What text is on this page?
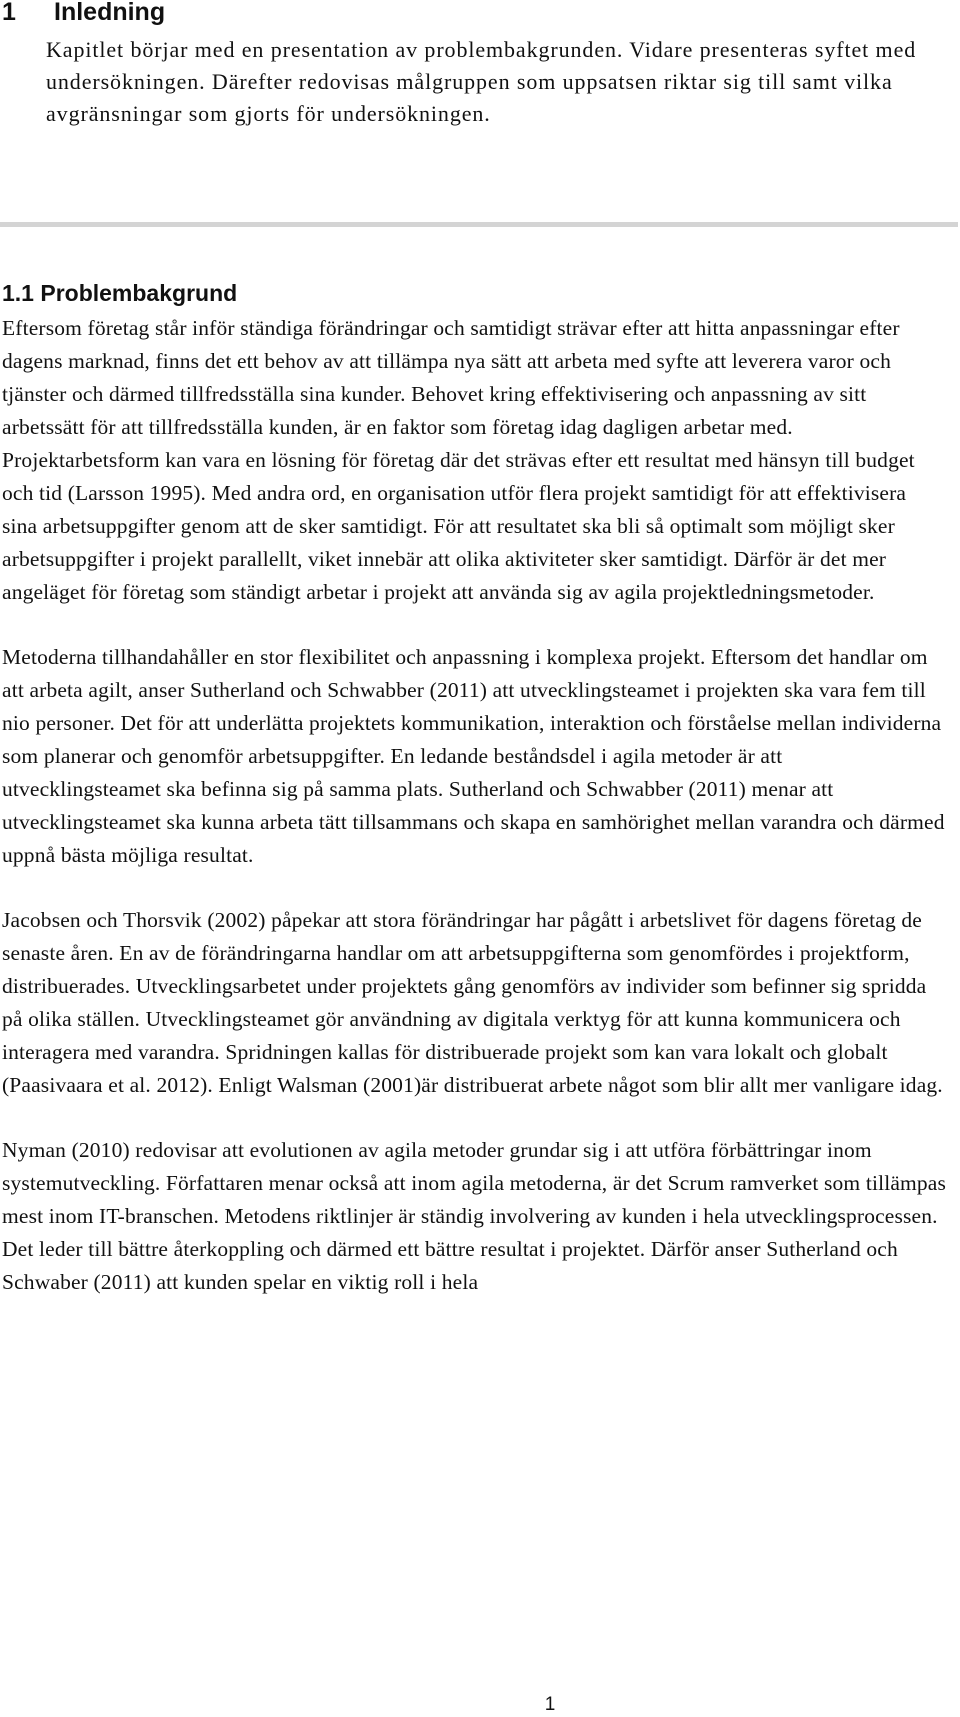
1 Inledning

Kapitlet börjar med en presentation av problembakgrunden. Vidare presenteras syftet med undersökningen. Därefter redovisas målgruppen som uppsatsen riktar sig till samt vilka avgränsningar som gjorts för undersökningen.

1.1 Problembakgrund

Eftersom företag står inför ständiga förändringar och samtidigt strävar efter att hitta anpassningar efter dagens marknad, finns det ett behov av att tillämpa nya sätt att arbeta med syfte att leverera varor och tjänster och därmed tillfredsställa sina kunder. Behovet kring effektivisering och anpassning av sitt arbetssätt för att tillfredsställa kunden, är en faktor som företag idag dagligen arbetar med. Projektarbetsform kan vara en lösning för företag där det strävas efter ett resultat med hänsyn till budget och tid (Larsson 1995). Med andra ord, en organisation utför flera projekt samtidigt för att effektivisera sina arbetsuppgifter genom att de sker samtidigt. För att resultatet ska bli så optimalt som möjligt sker arbetsuppgifter i projekt parallellt, viket innebär att olika aktiviteter sker samtidigt. Därför är det mer angeläget för företag som ständigt arbetar i projekt att använda sig av agila projektledningsmetoder.

Metoderna tillhandahåller en stor flexibilitet och anpassning i komplexa projekt. Eftersom det handlar om att arbeta agilt, anser Sutherland och Schwabber (2011) att utvecklingsteamet i projekten ska vara fem till nio personer. Det för att underlätta projektets kommunikation, interaktion och förståelse mellan individerna som planerar och genomför arbetsuppgifter. En ledande beståndsdel i agila metoder är att utvecklingsteamet ska befinna sig på samma plats. Sutherland och Schwabber (2011) menar att utvecklingsteamet ska kunna arbeta tätt tillsammans och skapa en samhörighet mellan varandra och därmed uppnå bästa möjliga resultat.

Jacobsen och Thorsvik (2002) påpekar att stora förändringar har pågått i arbetslivet för dagens företag de senaste åren. En av de förändringarna handlar om att arbetsuppgifterna som genomfördes i projektform, distribuerades. Utvecklingsarbetet under projektets gång genomförs av individer som befinner sig spridda på olika ställen. Utvecklingsteamet gör användning av digitala verktyg för att kunna kommunicera och interagera med varandra. Spridningen kallas för distribuerade projekt som kan vara lokalt och globalt (Paasivaara et al. 2012). Enligt Walsman (2001)är distribuerat arbete något som blir allt mer vanligare idag.

Nyman (2010) redovisar att evolutionen av agila metoder grundar sig i att utföra förbättringar inom systemutveckling. Författaren menar också att inom agila metoderna, är det Scrum ramverket som tillämpas mest inom IT-branschen. Metodens riktlinjer är ständig involvering av kunden i hela utvecklingsprocessen. Det leder till bättre återkoppling och därmed ett bättre resultat i projektet. Därför anser Sutherland och Schwaber (2011) att kunden spelar en viktig roll i hela

1
